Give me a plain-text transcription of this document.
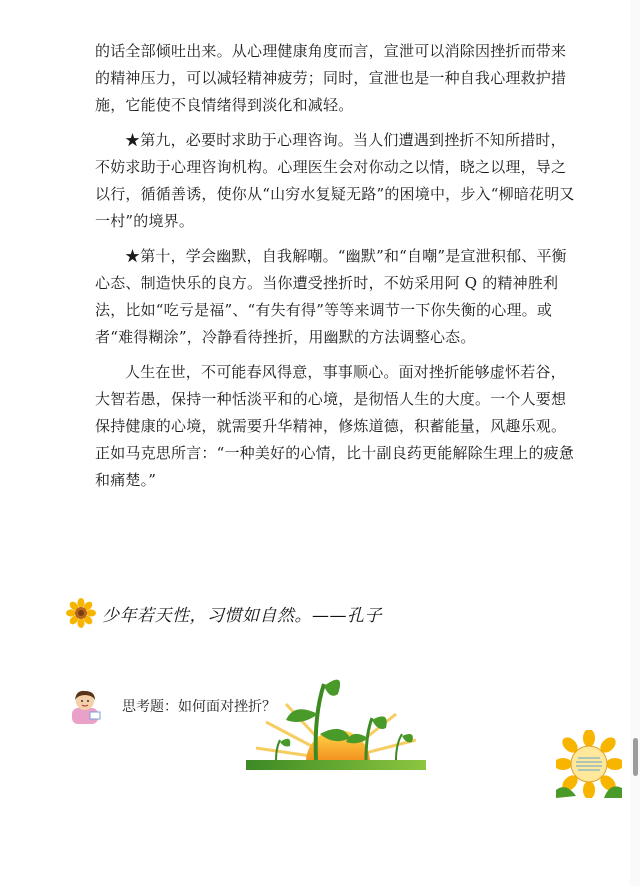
的话全部倾吐出来。从心理健康角度而言，宣泄可以消除因挫折而带来的精神压力，可以减轻精神疲劳；同时，宣泄也是一种自我心理救护措施，它能使不良情绪得到淡化和减轻。

★第九，必要时求助于心理咨询。当人们遭遇到挫折不知所措时，不妨求助于心理咨询机构。心理医生会对你动之以情，晓之以理，导之以行，循循善诱，使你从“山穷水复疑无路”的困境中，步入“柳暗花明又一村”的境界。

★第十，学会幽默，自我解嘲。“幽默”和“自嘲”是宣泄积郁、平衡心态、制造快乐的良方。当你遭受挫折时，不妨采用阿 Q 的精神胜利法，比如“吃亏是福”、“有失有得”等等来调节一下你失衡的心理。或者“难得糊涂”，冷静看待挫折，用幽默的方法调整心态。

人生在世，不可能春风得意，事事顺心。面对挫折能够虚怀若谷，大智若愚，保持一种恬淡平和的心境，是彻悟人生的大度。一个人要想保持健康的心境，就需要升华精神，修炼道德，积蓄能量，风趣乐观。正如马克思所言：“一种美好的心情，比十副良药更能解除生理上的疲惫和痛楚。”

少年若天性，习惯如自然。——孔子
思考题：如何面对挫折？
